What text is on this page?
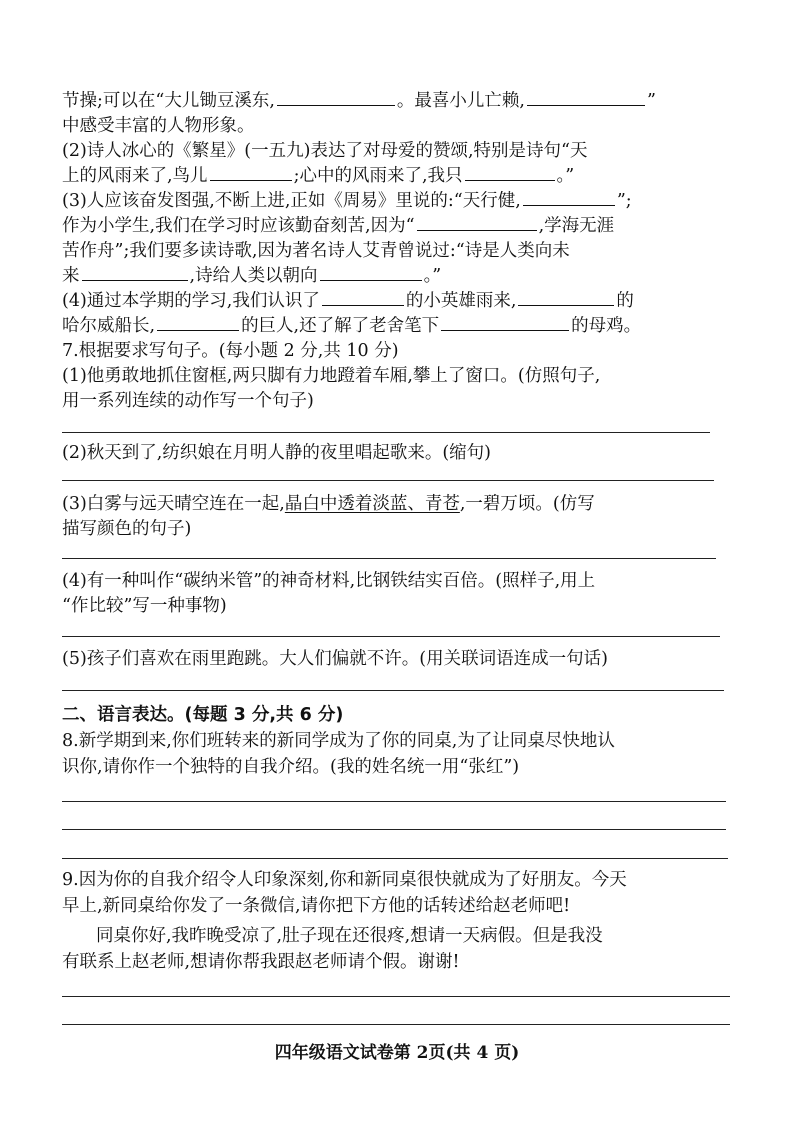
节操;可以在“大儿锄豆溪东,	。最喜小儿亡赖,	”
中感受丰富的人物形象。
(2)诗人冰心的《繁星》(一五九)表达了对母爱的赞颂,特别是诗句“天
上的风雨来了,鸟儿	;心中的风雨来了,我只	。”
(3)人应该奋发图强,不断上进,正如《周易》里说的:“天行健,	”;
作为小学生,我们在学习时应该勤奋刻苦,因为“	,学海无涯
苦作舟”;我们要多读诗歌,因为著名诗人艾青曾说过:“诗是人类向未
来	,诗给人类以朝向	。”
(4)通过本学期的学习,我们认识了	的小英雄雨来,	的
哈尔威船长,	的巨人,还了解了老舍笔下	的母鸡。
7.根据要求写句子。(每小题 2 分,共 10 分)
(1)他勇敢地抓住窗框,两只脚有力地蹬着车厢,攀上了窗口。(仿照句子,
用一系列连续的动作写一个句子)
(2)秋天到了,纺织娘在月明人静的夜里唱起歌来。(缩句)
(3)白雾与远天晴空连在一起,晶白中透着淡蓝、青苍,一碧万顷。(仿写
描写颜色的句子)
(4)有一种叫作“碳纳米管”的神奇材料,比钢铁结实百倍。(照样子,用上
“作比较”写一种事物)
(5)孩子们喜欢在雨里跑跳。大人们偏就不许。(用关联词语连成一句话)
二、语言表达。(每题 3 分,共 6 分)
8.新学期到来,你们班转来的新同学成为了你的同桌,为了让同桌尽快地认
识你,请你作一个独特的自我介绍。(我的姓名统一用“张红”)
9.因为你的自我介绍令人印象深刻,你和新同桌很快就成为了好朋友。今天
早上,新同桌给你发了一条微信,请你把下方他的话转述给赵老师吧!
同桌你好,我昨晚受凉了,肚子现在还很疼,想请一天病假。但是我没
有联系上赵老师,想请你帮我跟赵老师请个假。谢谢!
四年级语文试卷第 2页(共 4 页)
